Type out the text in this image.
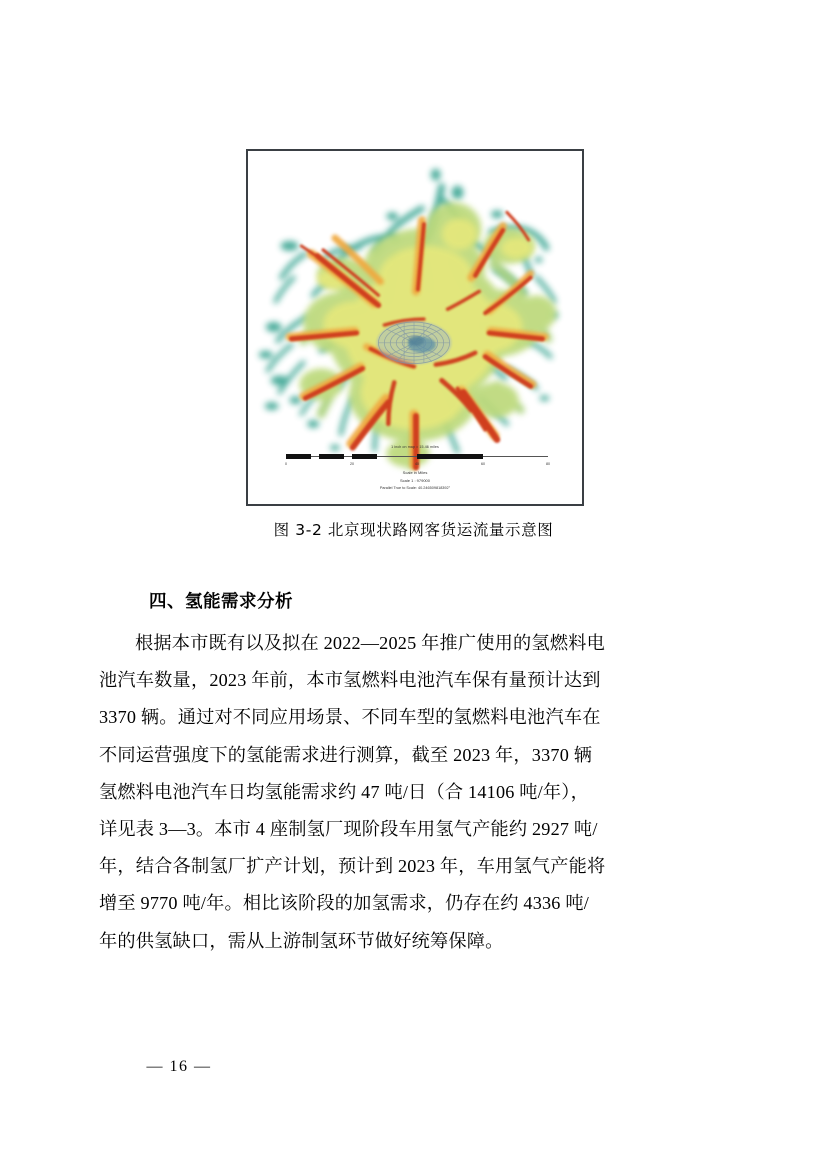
1 inch on map = 15.46 miles
0	20	40	60	80
Scale in Miles
Scale 1 : 979000
Parallel True to Scale: 40.246509818392°
图 3-2 北京现状路网客货运流量示意图
四、氢能需求分析

根据本市既有以及拟在 2022—2025 年推广使用的氢燃料电
池汽车数量，2023 年前，本市氢燃料电池汽车保有量预计达到
3370 辆。通过对不同应用场景、不同车型的氢燃料电池汽车在
不同运营强度下的氢能需求进行测算，截至 2023 年，3370 辆
氢燃料电池汽车日均氢能需求约 47 吨/日（合 14106 吨/年），
详见表 3—3。本市 4 座制氢厂现阶段车用氢气产能约 2927 吨/
年，结合各制氢厂扩产计划，预计到 2023 年，车用氢气产能将
增至 9770 吨/年。相比该阶段的加氢需求，仍存在约 4336 吨/
年的供氢缺口，需从上游制氢环节做好统筹保障。

— 16 —
